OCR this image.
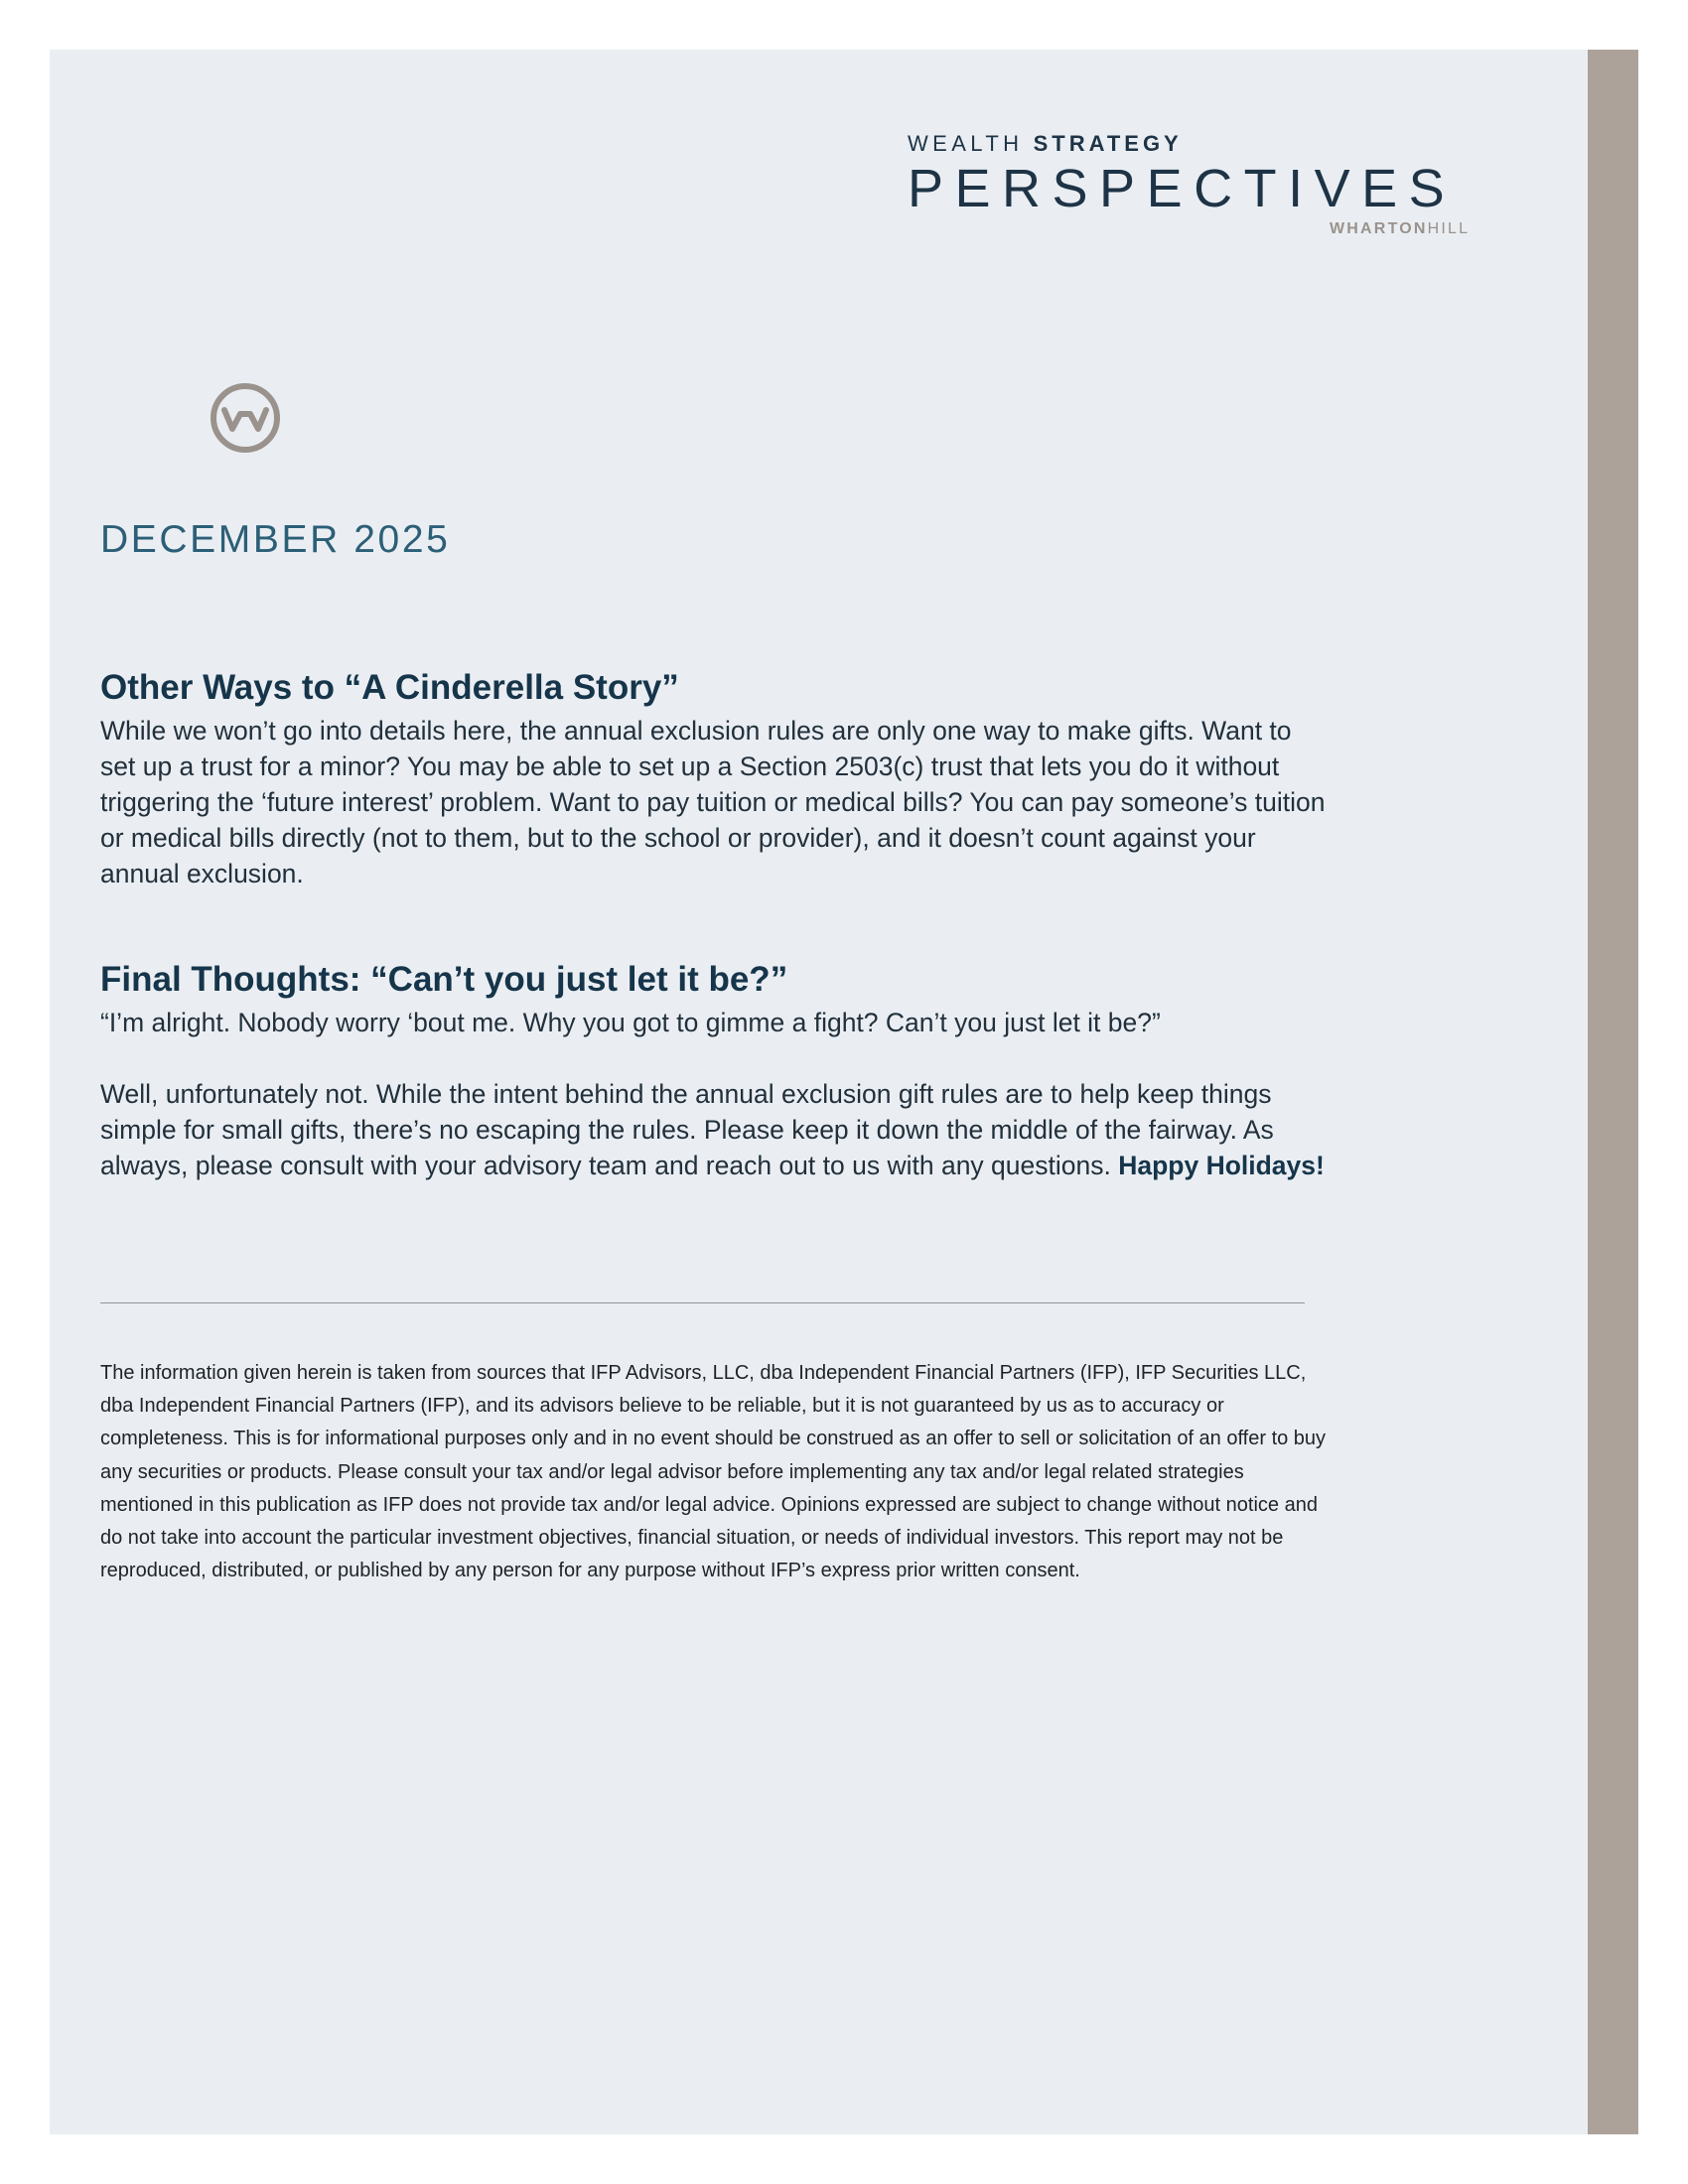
WEALTH STRATEGY
PERSPECTIVES
WHARTONHILL
DECEMBER 2025
Other Ways to “A Cinderella Story”

While we won’t go into details here, the annual exclusion rules are only one way to make gifts. Want to set up a trust for a minor? You may be able to set up a Section 2503(c) trust that lets you do it without triggering the ‘future interest’ problem. Want to pay tuition or medical bills? You can pay someone’s tuition or medical bills directly (not to them, but to the school or provider), and it doesn’t count against your annual exclusion.

Final Thoughts: “Can’t you just let it be?”

“I’m alright. Nobody worry ‘bout me. Why you got to gimme a fight? Can’t you just let it be?”

Well, unfortunately not. While the intent behind the annual exclusion gift rules are to help keep things simple for small gifts, there’s no escaping the rules. Please keep it down the middle of the fairway. As always, please consult with your advisory team and reach out to us with any questions. Happy Holidays!

The information given herein is taken from sources that IFP Advisors, LLC, dba Independent Financial Partners (IFP), IFP Securities LLC, dba Independent Financial Partners (IFP), and its advisors believe to be reliable, but it is not guaranteed by us as to accuracy or completeness. This is for informational purposes only and in no event should be construed as an offer to sell or solicitation of an offer to buy any securities or products. Please consult your tax and/or legal advisor before implementing any tax and/or legal related strategies mentioned in this publication as IFP does not provide tax and/or legal advice. Opinions expressed are subject to change without notice and do not take into account the particular investment objectives, financial situation, or needs of individual investors. This report may not be reproduced, distributed, or published by any person for any purpose without IFP’s express prior written consent.
